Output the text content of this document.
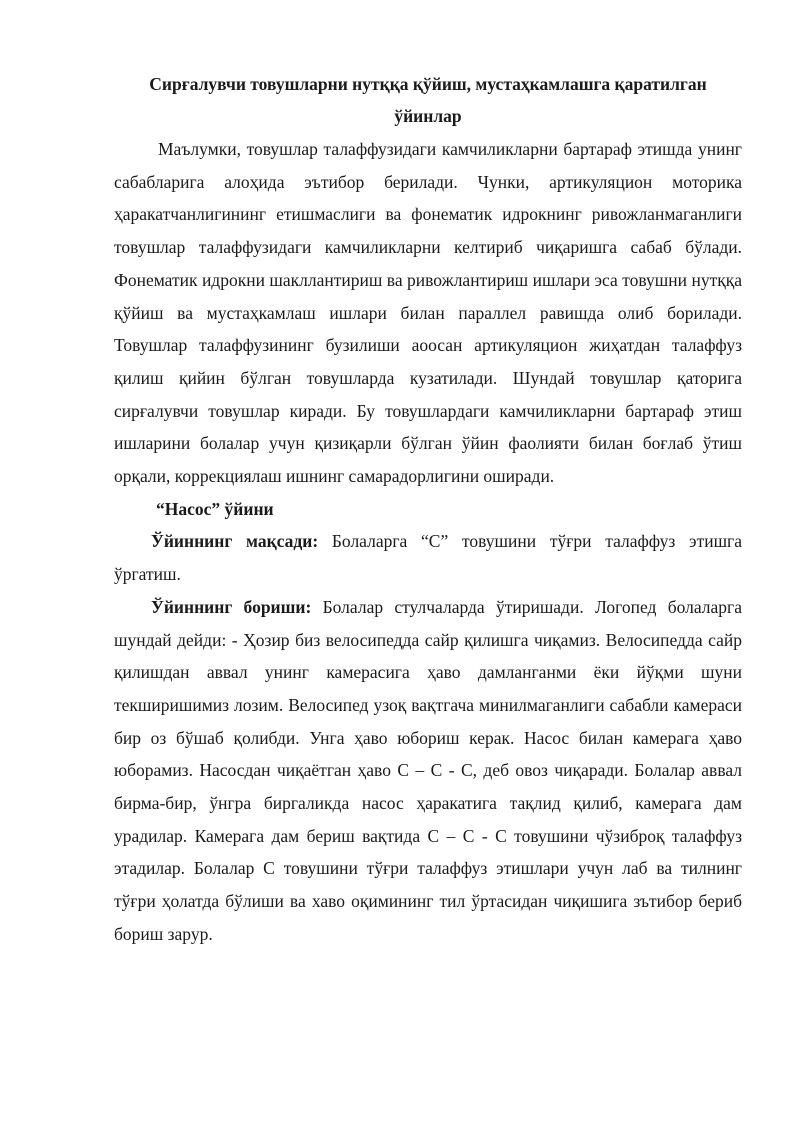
Сирғалувчи товушларни нутққа қўйиш, мустаҳкамлашга қаратилган ўйинлар

Маълумки, товушлар талаффузидаги камчиликларни бартараф этишда унинг сабабларига алоҳида эътибор берилади. Чунки, артикуляцион моторика ҳаракатчанлигининг етишмаслиги ва фонематик идрокнинг ривожланмаганлиги товушлар талаффузидаги камчиликларни келтириб чиқаришга сабаб бўлади. Фонематик идрокни шакллантириш ва ривожлантириш ишлари эса товушни нутққа қўйиш ва мустаҳкамлаш ишлари билан параллел равишда олиб борилади. Товушлар талаффузининг бузилиши аоосан артикуляцион жиҳатдан талаффуз қилиш қийин бўлган товушларда кузатилади. Шундай товушлар қаторига сирғалувчи товушлар киради. Бу товушлардаги камчиликларни бартараф этиш ишларини болалар учун қизиқарли бўлган ўйин фаолияти билан боғлаб ўтиш орқали, коррекциялаш ишнинг самарадорлигини оширади.

“Насос” ўйини

Ўйиннинг мақсади: Болаларга “С” товушини тўғри талаффуз этишга ўргатиш.

Ўйиннинг бориши: Болалар стулчаларда ўтиришади. Логопед болаларга шундай дейди: - Ҳозир биз велосипедда сайр қилишга чиқамиз. Велосипедда сайр қилишдан аввал унинг камерасига ҳаво дамланганми ёки йўқми шуни текширишимиз лозим. Велосипед узоқ вақтгача минилмаганлиги сабабли камераси бир оз бўшаб қолибди. Унга ҳаво юбориш керак. Насос билан камерага ҳаво юборамиз. Насосдан чиқаётган ҳаво С – С - С, деб овоз чиқаради. Болалар аввал бирма-бир, ўнгра биргаликда насос ҳаракатига тақлид қилиб, камерага дам урадилар. Камерага дам бериш вақтида С – С - С товушини чўзиброқ талаффуз этадилар. Болалар С товушини тўғри талаффуз этишлари учун лаб ва тилнинг тўғри ҳолатда бўлиши ва хаво оқимининг тил ўртасидан чиқишига зътибор бериб бориш зарур.
